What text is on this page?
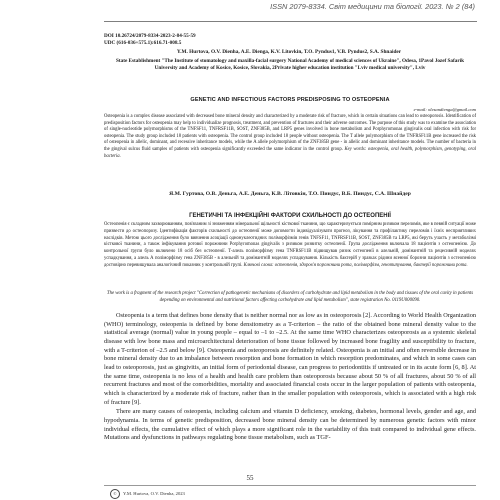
ISSN 2079-8334. Світ медицини та біології. 2023. № 2 (84)
DOI 10.26724/2079-8334-2023-2-84-55-59
UDC (616-036+575.1):616.71-008.5
Y.M. Hurtova, O.V. Dienha, A.E. Dienga, K.V. Litovkin, T.O. Pyndus1, V.B. Pyndus2, S.A. Shnaider
State Establishment "The Institute of stomatology and maxilla-facial surgery National Academy of medical sciences of Ukraine", Odesa, 1Pavol Jozef Safarik University and Academy of Kosice, Kosice, Slovakia, 2Private higher education institution "Lviv medical university", Lviv
GENETIC AND INFECTIOUS FACTORS PREDISPOSING TO OSTEOPENIA
e-mail: olesandienga@gmail.com
Osteopenia is a complex disease associated with decreased bone mineral density and characterized by a moderate risk of fracture, which in certain situations can lead to osteoporosis. Identification of predisposition factors for osteopenia may help to individualize prognosis, treatment, and prevention of fractures and their adverse outcomes. The purpose of this study was to examine the association of single-nucleotide polymorphisms of the TNFSF11, TNFRSF11B, SOST, ZNF385B, and LRP5 genes involved in bone metabolism and Porphyromonas gingivalis oral infection with risk for osteopenia. The study group included 18 patients with osteopenia. The control group included 18 people without osteopenia. The T allele polymorphism of the TNFRSF11B gene increased the risk of osteopenia in allelic, dominant, and recessive inheritance models, while the A allele polymorphism of the ZNF385B gene - in allelic and dominant inheritance models. The number of bacteria in the gingival sulcus fluid samples of patients with osteopenia significantly exceeded the same indicator in the control group. Key words: osteopenia, oral health, polymorphism, genotyping, oral bacteria.
Я.М. Гуртова, О.В. Деньга, А.Е. Деньга, К.В. Літовкін, Т.О. Пиндус, В.Б. Пиндус, С.А. Шнайдер
ГЕНЕТИЧНІ ТА ІНФЕКЦІЙНІ ФАКТОРИ СХИЛЬНОСТІ ДО ОСТЕОПЕНІЇ
Остеопенія є складним захворюванням, пов'язаним зі зниженням мінеральної щільності кісткової тканини, що характеризується помірним ризиком переломів, яке в певній ситуації може призвести до остеопорозу. Ідентифікація факторів схильності до остеопенії може допомогти індивідуалізувати прогноз, лікування та профілактику переломів і їхніх несприятливих наслідків. Метою цього дослідження було вивчення асоціації однонуклеотидних поліморфізмів генів TNFSF11, TNFRSF11B, SOST, ZNF385B та LRP5, які беруть участь у метаболізмі кісткової тканини, а також інфікування ротової порожнини Porphyromonas gingivalis з ризиком розвитку остеопенії. Група дослідження включала 18 пацієнтів з остеопенією. До контрольної групи було включено 18 осіб без остеопенії. Т-алель поліморфізму гена TNFRSF11B підвищував ризик остеопенії в алельній, домінантній та рецесивній моделях успадкування, а алель А поліморфізму гена ZNF385B - в алельній та домінантній моделях успадкування. Кількість бактерій у зразках рідини ясенної борозни пацієнтів з остеопенією достовірно перевищувала аналогічний показник у контрольній групі. Ключові слова: остеопенія, здоров'я порожнини рота, поліморфізм, генотипування, бактерії порожнини рота.
The work is a fragment of the research project "Correction of pathogenetic mechanisms of disorders of carbohydrate and lipid metabolism in the body and tissues of the oral cavity in patients depending on environmental and nutritional factors affecting carbohydrate and lipid metabolism", state registration No. 0119U000090.

Osteopenia is a term that defines bone density that is neither normal nor as low as in osteoporosis [2]. According to World Health Organization (WHO) terminology, osteopenia is defined by bone densitometry as a T-criterion – the ratio of the obtained bone mineral density value to the statistical average (normal) value in young people – equal to –1 to –2.5. At the same time WHO characterizes osteoporosis as a systemic skeletal disease with low bone mass and microarchitectural deterioration of bone tissue followed by increased bone fragility and susceptibility to fracture, with a T-criterion of –2.5 and below [9]. Osteopenia and osteoporosis are definitely related. Osteopenia is an initial and often reversible decrease in bone mineral density due to an imbalance between resorption and bone formation in which resorption predominates, and which in some cases can lead to osteoporosis, just as gingivitis, an initial form of periodontal disease, can progress to periodontitis if untreated or in its acute form [6, 8]. At the same time, osteopenia is no less of a health and health care problem than osteoporosis because about 50 % of all fractures, about 50 % of all recurrent fractures and most of the comorbidities, mortality and associated financial costs occur in the larger population of patients with osteopenia, which is characterized by a moderate risk of fracture, rather than in the smaller population with osteoporosis, which is associated with a high risk of fracture [9].

There are many causes of osteopenia, including calcium and vitamin D deficiency, smoking, diabetes, hormonal levels, gender and age, and hypodynamia. In terms of genetic predisposition, decreased bone mineral density can be determined by numerous genetic factors with minor individual effects, the cumulative effect of which plays a more significant role in the variability of this trait compared to individual gene effects. Mutations and dysfunctions in pathways regulating bone tissue metabolism, such as TGF-

55
© Y.M. Hurtova, O.V. Dienha, 2023
